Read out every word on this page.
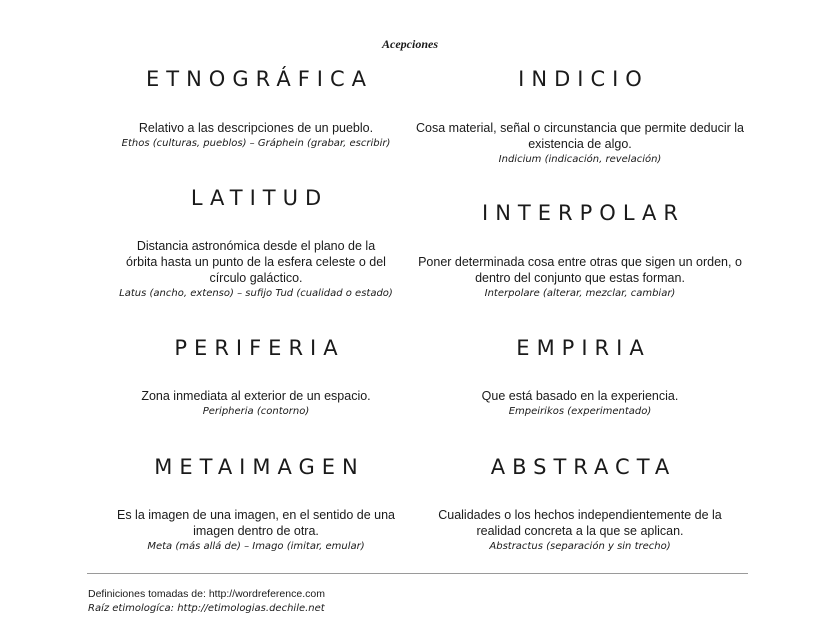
Acepciones
ETNOGRÁFICA
Relativo a las descripciones de un pueblo.
Ethos (culturas, pueblos) – Gráphein (grabar, escribir)
INDICIO
Cosa material, señal o circunstancia que permite deducir la existencia de algo.
Indicium (indicación, revelación)
LATITUD
Distancia astronómica desde el plano de la órbita hasta un punto de la esfera celeste o del círculo galáctico.
Latus (ancho, extenso) – sufijo Tud (cualidad o estado)
INTERPOLAR
Poner determinada cosa entre otras que sigen un orden, o dentro del conjunto que estas forman.
Interpolare (alterar, mezclar, cambiar)
PERIFERIA
Zona inmediata al exterior de un espacio.
Peripheria (contorno)
EMPIRIA
Que está basado en la experiencia.
Empeirikos (experimentado)
METAIMAGEN
Es la imagen de una imagen, en el sentido de una imagen dentro de otra.
Meta (más allá de) – Imago (imitar, emular)
ABSTRACTA
Cualidades o los hechos independientemente de la realidad concreta a la que se aplican.
Abstractus (separación y sin trecho)
Definiciones tomadas de: http://wordreference.com
Raíz etimologíca: http://etimologias.dechile.net
